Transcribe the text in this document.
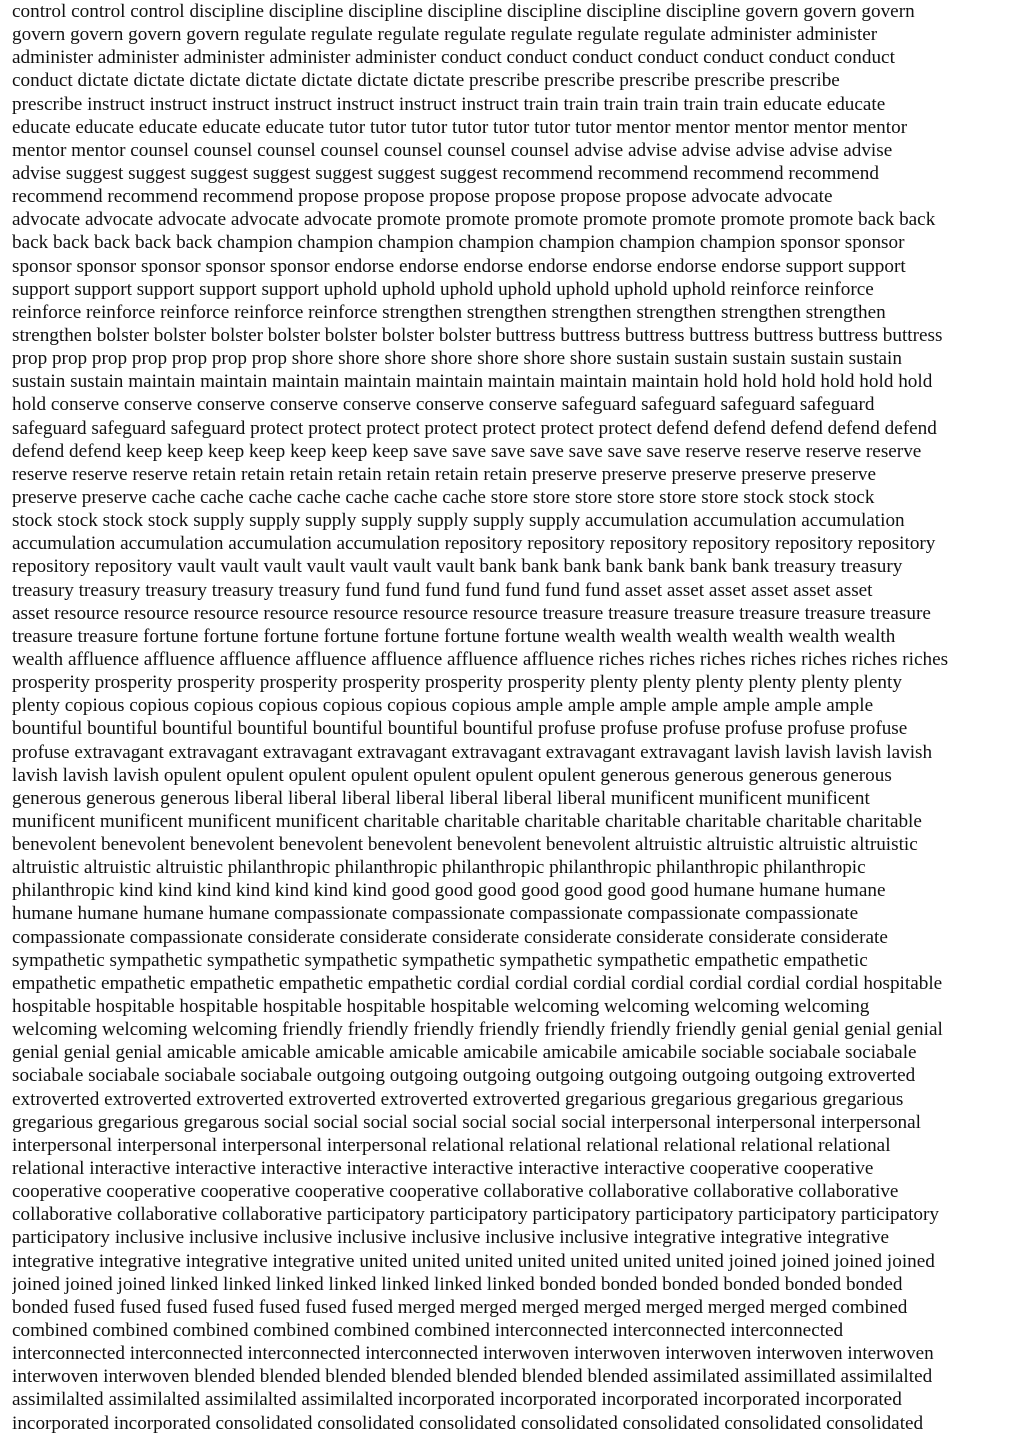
control control control discipline discipline discipline discipline discipline discipline discipline govern govern govern
govern govern govern govern regulate regulate regulate regulate regulate regulate regulate administer administer
administer administer administer administer administer conduct conduct conduct conduct conduct conduct conduct
conduct dictate dictate dictate dictate dictate dictate dictate prescribe prescribe prescribe prescribe prescribe
prescribe instruct instruct instruct instruct instruct instruct instruct train train train train train train educate educate
educate educate educate educate educate tutor tutor tutor tutor tutor tutor tutor mentor mentor mentor mentor mentor
mentor mentor counsel counsel counsel counsel counsel counsel counsel advise advise advise advise advise advise
advise suggest suggest suggest suggest suggest suggest suggest recommend recommend recommend recommend
recommend recommend recommend propose propose propose propose propose propose advocate advocate
advocate advocate advocate advocate advocate promote promote promote promote promote promote promote back back
back back back back back champion champion champion champion champion champion champion sponsor sponsor
sponsor sponsor sponsor sponsor sponsor endorse endorse endorse endorse endorse endorse endorse support support
support support support support support uphold uphold uphold uphold uphold uphold uphold reinforce reinforce
reinforce reinforce reinforce reinforce reinforce strengthen strengthen strengthen strengthen strengthen strengthen
strengthen bolster bolster bolster bolster bolster bolster bolster buttress buttress buttress buttress buttress buttress buttress
prop prop prop prop prop prop prop shore shore shore shore shore shore shore sustain sustain sustain sustain sustain
sustain sustain maintain maintain maintain maintain maintain maintain maintain maintain hold hold hold hold hold hold
hold conserve conserve conserve conserve conserve conserve conserve safeguard safeguard safeguard safeguard
safeguard safeguard safeguard protect protect protect protect protect protect protect defend defend defend defend defend
defend defend keep keep keep keep keep keep keep save save save save save save save reserve reserve reserve reserve
reserve reserve reserve retain retain retain retain retain retain retain preserve preserve preserve preserve preserve
preserve preserve cache cache cache cache cache cache cache store store store store store store stock stock stock
stock stock stock stock supply supply supply supply supply supply supply accumulation accumulation accumulation
accumulation accumulation accumulation accumulation repository repository repository repository repository repository
repository repository vault vault vault vault vault vault vault bank bank bank bank bank bank bank treasury treasury
treasury treasury treasury treasury treasury fund fund fund fund fund fund fund asset asset asset asset asset asset
asset resource resource resource resource resource resource resource treasure treasure treasure treasure treasure treasure
treasure treasure fortune fortune fortune fortune fortune fortune fortune wealth wealth wealth wealth wealth wealth
wealth affluence affluence affluence affluence affluence affluence affluence riches riches riches riches riches riches riches
prosperity prosperity prosperity prosperity prosperity prosperity prosperity plenty plenty plenty plenty plenty plenty
plenty copious copious copious copious copious copious copious ample ample ample ample ample ample ample
bountiful bountiful bountiful bountiful bountiful bountiful bountiful profuse profuse profuse profuse profuse profuse
profuse extravagant extravagant extravagant extravagant extravagant extravagant extravagant lavish lavish lavish lavish
lavish lavish lavish opulent opulent opulent opulent opulent opulent opulent generous generous generous generous
generous generous generous liberal liberal liberal liberal liberal liberal liberal munificent munificent munificent
munificent munificent munificent munificent charitable charitable charitable charitable charitable charitable charitable
benevolent benevolent benevolent benevolent benevolent benevolent benevolent altruistic altruistic altruistic altruistic
altruistic altruistic altruistic philanthropic philanthropic philanthropic philanthropic philanthropic philanthropic
philanthropic kind kind kind kind kind kind kind good good good good good good good humane humane humane
humane humane humane humane compassionate compassionate compassionate compassionate compassionate
compassionate compassionate considerate considerate considerate considerate considerate considerate considerate
sympathetic sympathetic sympathetic sympathetic sympathetic sympathetic sympathetic empathetic empathetic
empathetic empathetic empathetic empathetic empathetic cordial cordial cordial cordial cordial cordial cordial hospitable
hospitable hospitable hospitable hospitable hospitable hospitable welcoming welcoming welcoming welcoming
welcoming welcoming welcoming friendly friendly friendly friendly friendly friendly friendly genial genial genial genial
genial genial genial amicable amicable amicable amicable amicabile amicabile amicabile sociable sociabale sociabale
sociabale sociabale sociabale sociabale outgoing outgoing outgoing outgoing outgoing outgoing outgoing extroverted
extroverted extroverted extroverted extroverted extroverted extroverted gregarious gregarious gregarious gregarious
gregarious gregarious gregarous social social social social social social social interpersonal interpersonal interpersonal
interpersonal interpersonal interpersonal interpersonal relational relational relational relational relational relational
relational interactive interactive interactive interactive interactive interactive interactive cooperative cooperative
cooperative cooperative cooperative cooperative cooperative collaborative collaborative collaborative collaborative
collaborative collaborative collaborative participatory participatory participatory participatory participatory participatory
participatory inclusive inclusive inclusive inclusive inclusive inclusive inclusive integrative integrative integrative
integrative integrative integrative integrative united united united united united united united joined joined joined joined
joined joined joined linked linked linked linked linked linked linked bonded bonded bonded bonded bonded bonded
bonded fused fused fused fused fused fused fused merged merged merged merged merged merged merged combined
combined combined combined combined combined combined interconnected interconnected interconnected
interconnected interconnected interconnected interconnected interwoven interwoven interwoven interwoven interwoven
interwoven interwoven blended blended blended blended blended blended blended assimilated assimillated assimilalted
assimilalted assimilalted assimilalted assimilalted incorporated incorporated incorporated incorporated incorporated
incorporated incorporated consolidated consolidated consolidated consolidated consolidated consolidated consolidated
